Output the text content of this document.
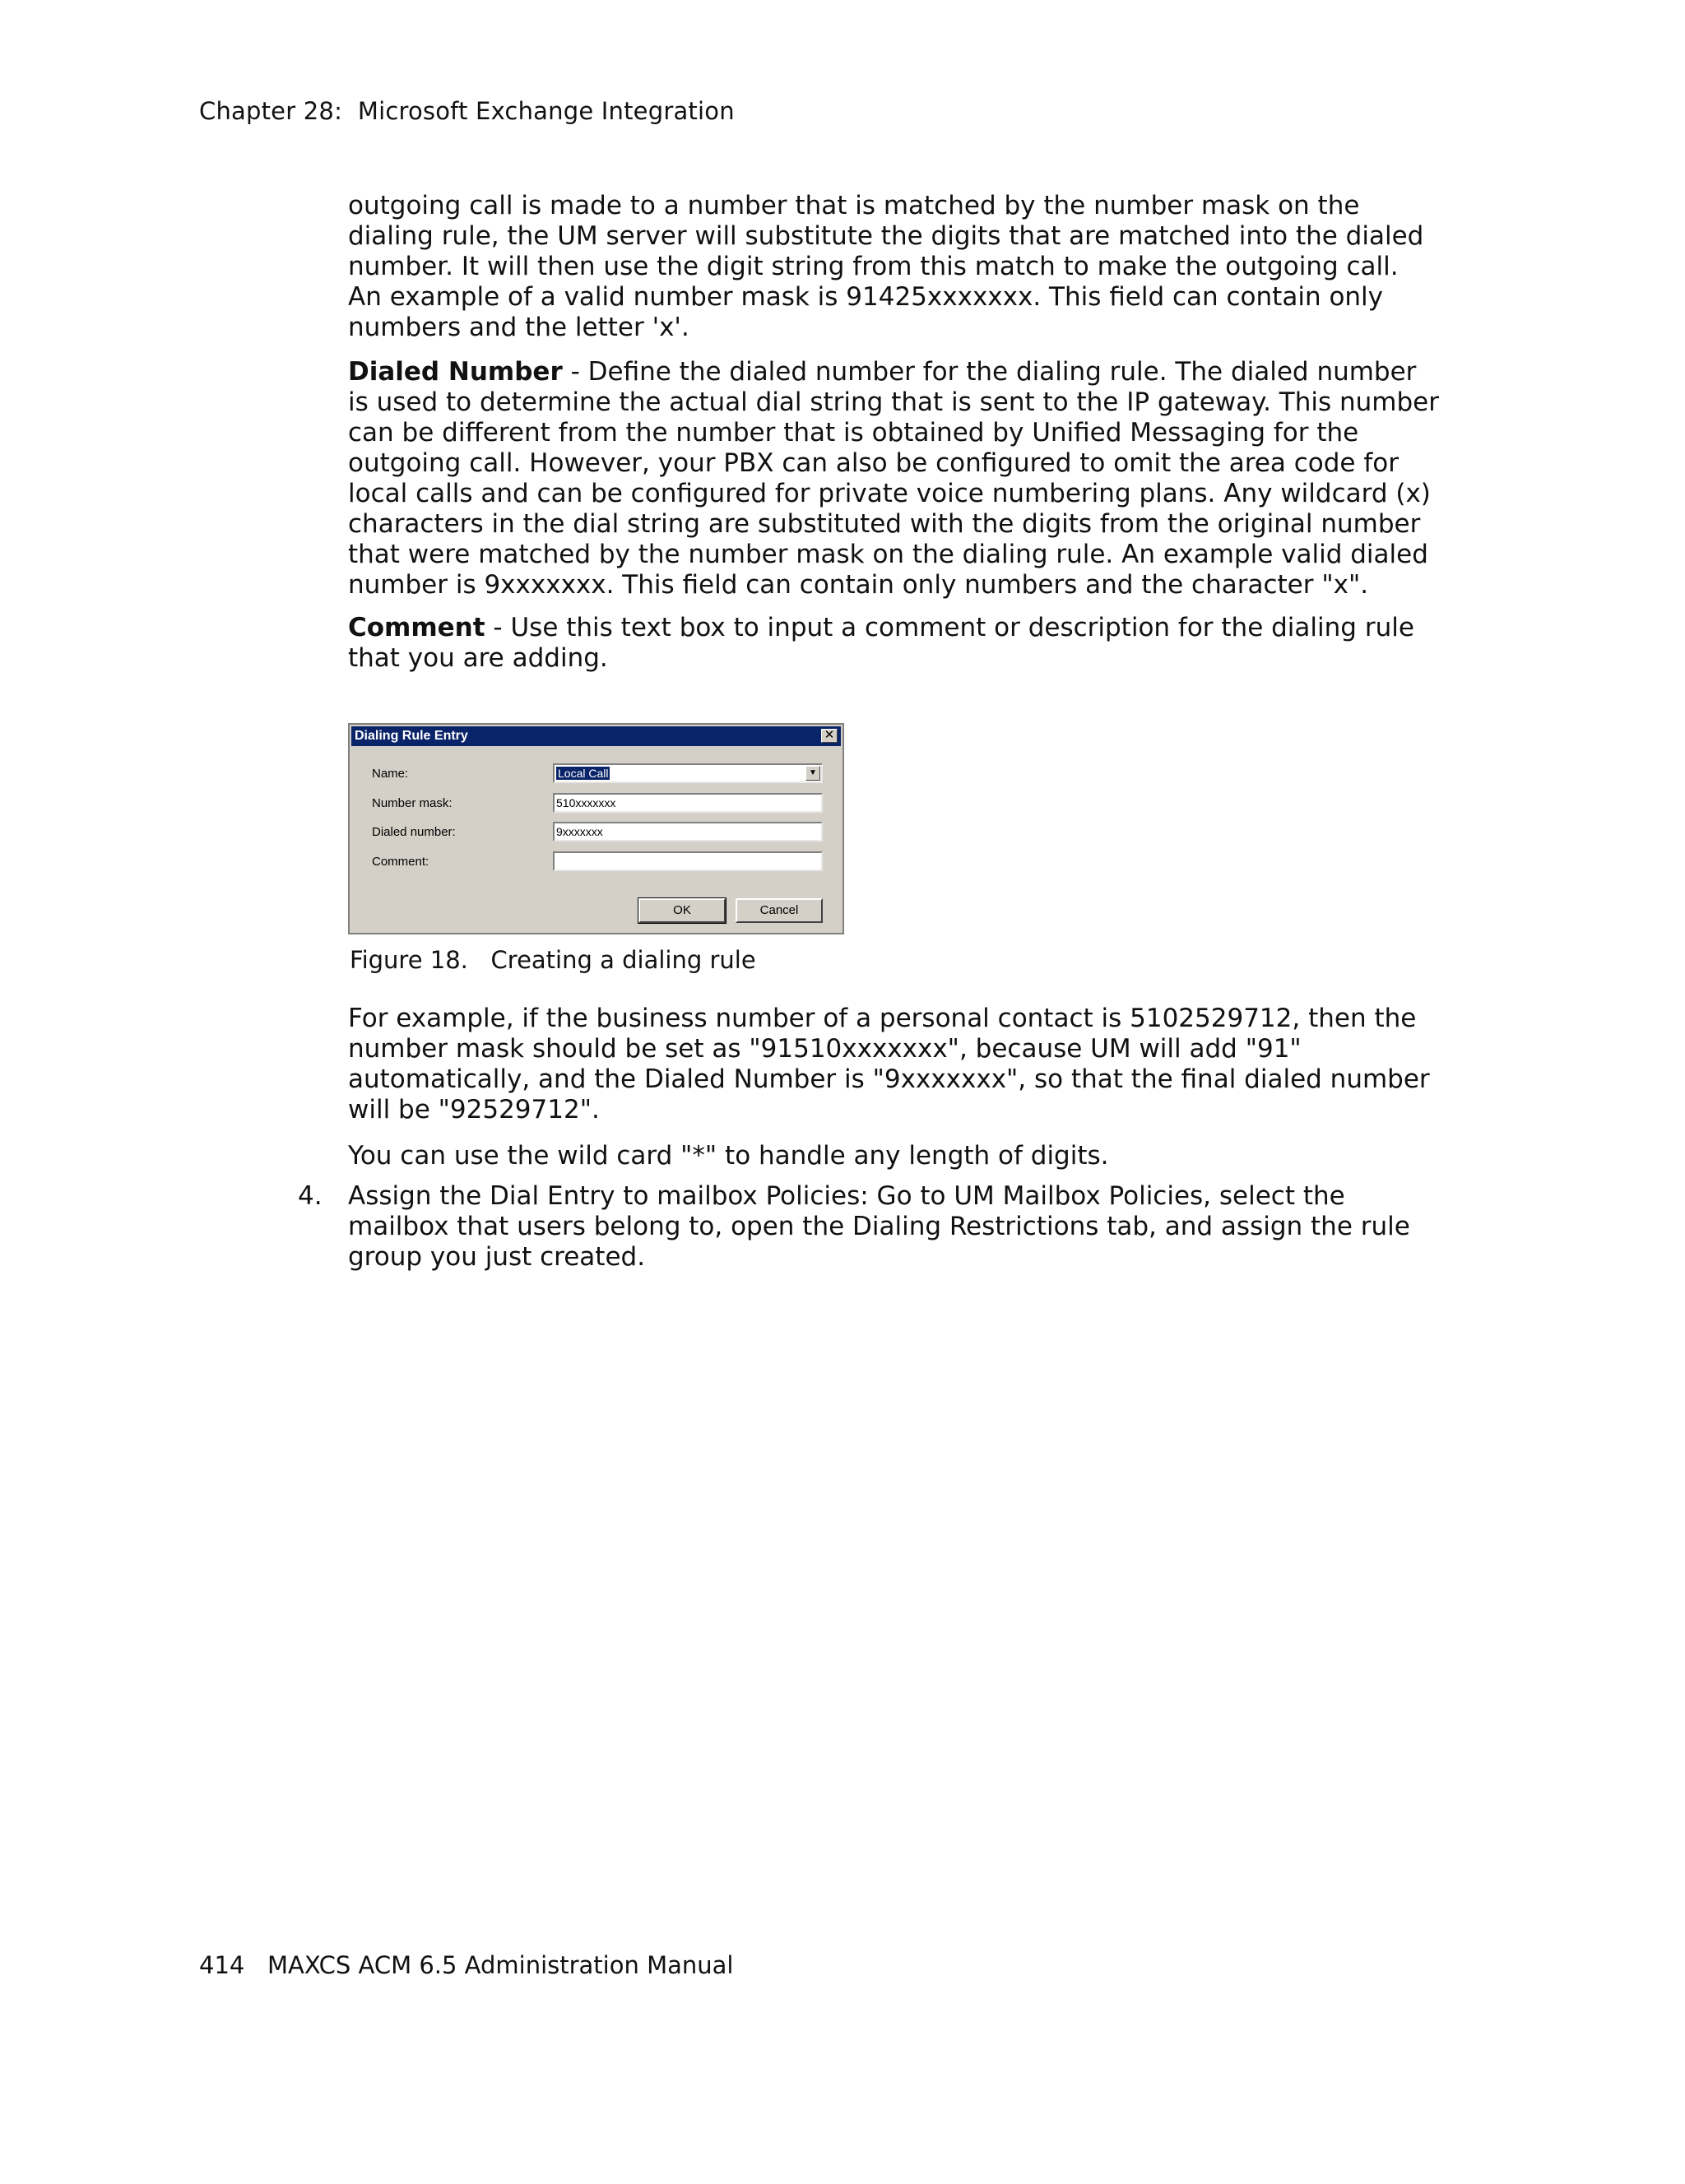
Chapter 28:  Microsoft Exchange Integration
outgoing call is made to a number that is matched by the number mask on the
dialing rule, the UM server will substitute the digits that are matched into the dialed
number. It will then use the digit string from this match to make the outgoing call.
An example of a valid number mask is 91425xxxxxxx. This field can contain only
numbers and the letter 'x'.
Dialed Number - Define the dialed number for the dialing rule. The dialed number
is used to determine the actual dial string that is sent to the IP gateway. This number
can be different from the number that is obtained by Unified Messaging for the
outgoing call. However, your PBX can also be configured to omit the area code for
local calls and can be configured for private voice numbering plans. Any wildcard (x)
characters in the dial string are substituted with the digits from the original number
that were matched by the number mask on the dialing rule. An example valid dialed
number is 9xxxxxxx. This field can contain only numbers and the character "x".
Comment - Use this text box to input a comment or description for the dialing rule
that you are adding.
Dialing Rule Entry	✕
Name:	Local Call	▼
Number mask:	510xxxxxxx
Dialed number:	9xxxxxxx
Comment:
OK	Cancel
Figure 18.   Creating a dialing rule
For example, if the business number of a personal contact is 5102529712, then the
number mask should be set as "91510xxxxxxx", because UM will add "91"
automatically, and the Dialed Number is "9xxxxxxx", so that the final dialed number
will be "92529712".
You can use the wild card "*" to handle any length of digits.
4. Assign the Dial Entry to mailbox Policies: Go to UM Mailbox Policies, select the
mailbox that users belong to, open the Dialing Restrictions tab, and assign the rule
group you just created.
414   MAXCS ACM 6.5 Administration Manual
